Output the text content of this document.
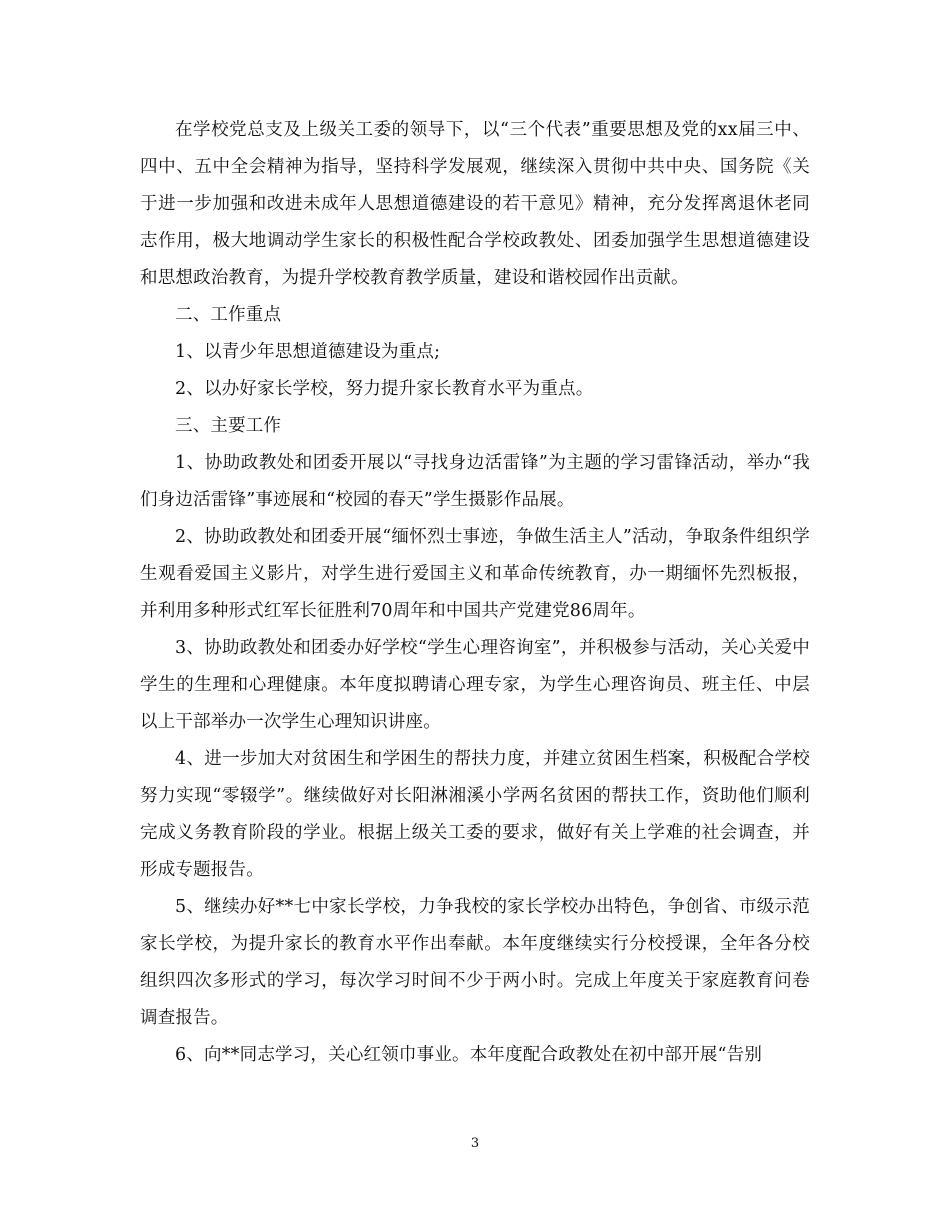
在学校党总支及上级关工委的领导下，以“三个代表”重要思想及党的xx届三中、四中、五中全会精神为指导，坚持科学发展观，继续深入贯彻中共中央、国务院《关于进一步加强和改进未成年人思想道德建设的若干意见》精神，充分发挥离退休老同志作用，极大地调动学生家长的积极性配合学校政教处、团委加强学生思想道德建设和思想政治教育，为提升学校教育教学质量，建设和谐校园作出贡献。

二、工作重点

1、以青少年思想道德建设为重点;

2、以办好家长学校，努力提升家长教育水平为重点。

三、主要工作

1、协助政教处和团委开展以“寻找身边活雷锋”为主题的学习雷锋活动，举办“我们身边活雷锋”事迹展和“校园的春天”学生摄影作品展。

2、协助政教处和团委开展“缅怀烈士事迹，争做生活主人”活动，争取条件组织学生观看爱国主义影片，对学生进行爱国主义和革命传统教育，办一期缅怀先烈板报，并利用多种形式红军长征胜利70周年和中国共产党建党86周年。

3、协助政教处和团委办好学校“学生心理咨询室”，并积极参与活动，关心关爱中学生的生理和心理健康。本年度拟聘请心理专家，为学生心理咨询员、班主任、中层以上干部举办一次学生心理知识讲座。

4、进一步加大对贫困生和学困生的帮扶力度，并建立贫困生档案，积极配合学校努力实现“零辍学”。继续做好对长阳淋湘溪小学两名贫困的帮扶工作，资助他们顺利完成义务教育阶段的学业。根据上级关工委的要求，做好有关上学难的社会调查，并形成专题报告。

5、继续办好**七中家长学校，力争我校的家长学校办出特色，争创省、市级示范家长学校，为提升家长的教育水平作出奉献。本年度继续实行分校授课，全年各分校组织四次多形式的学习，每次学习时间不少于两小时。完成上年度关于家庭教育问卷调查报告。

6、向**同志学习，关心红领巾事业。本年度配合政教处在初中部开展“告别

3
